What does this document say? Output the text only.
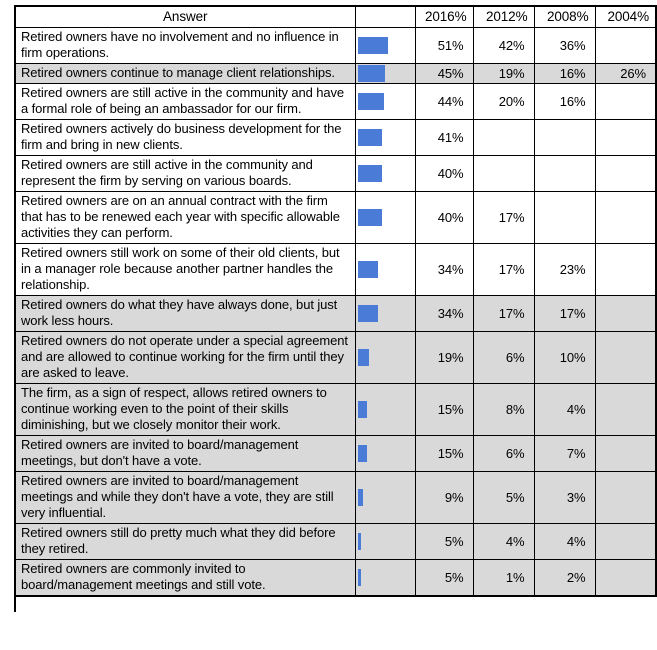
Answer		2016%	2012%	2008%	2004%
Retired owners have no involvement and no influence in firm operations.		51%	42%	36%	
Retired owners continue to manage client relationships.		45%	19%	16%	26%
Retired owners are still active in the community and have a formal role of being an ambassador for our firm.		44%	20%	16%	
Retired owners actively do business development for the firm and bring in new clients.		41%			
Retired owners are still active in the community and represent the firm by serving on various boards.		40%			
Retired owners are on an annual contract with the firm that has to be renewed each year with specific allowable activities they can perform.		40%	17%		
Retired owners still work on some of their old clients, but in a manager role because another partner handles the relationship.		34%	17%	23%	
Retired owners do what they have always done, but just work less hours.		34%	17%	17%	
Retired owners do not operate under a special agreement and are allowed to continue working for the firm until they are asked to leave.		19%	6%	10%	
The firm, as a sign of respect, allows retired owners to continue working even to the point of their skills diminishing, but we closely monitor their work.		15%	8%	4%	
Retired owners are invited to board/management meetings, but don't have a vote.		15%	6%	7%	
Retired owners are invited to board/management meetings and while they don't have a vote, they are still very influential.		9%	5%	3%	
Retired owners still do pretty much what they did before they retired.		5%	4%	4%	
Retired owners are commonly invited to board/management meetings and still vote.		5%	1%	2%	
